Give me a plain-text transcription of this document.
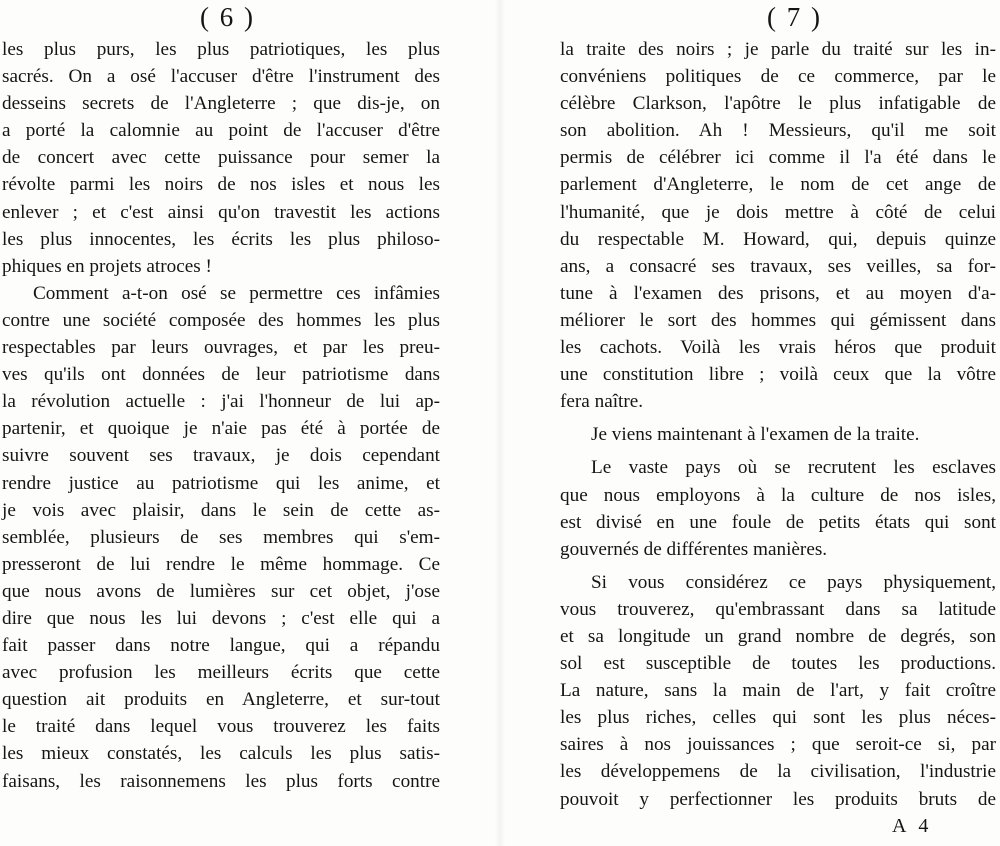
( 6 )
les plus purs, les plus patriotiques, les plus
sacrés. On a osé l'accuser d'être l'instrument des
desseins secrets de l'Angleterre ; que dis-je, on
a porté la calomnie au point de l'accuser d'être
de concert avec cette puissance pour semer la
révolte parmi les noirs de nos isles et nous les
enlever ; et c'est ainsi qu'on travestit les actions
les plus innocentes, les écrits les plus philoso-
phiques en projets atroces !
Comment a-t-on osé se permettre ces infâmies
contre une société composée des hommes les plus
respectables par leurs ouvrages, et par les preu-
ves qu'ils ont données de leur patriotisme dans
la révolution actuelle : j'ai l'honneur de lui ap-
partenir, et quoique je n'aie pas été à portée de
suivre souvent ses travaux, je dois cependant
rendre justice au patriotisme qui les anime, et
je vois avec plaisir, dans le sein de cette as-
semblée, plusieurs de ses membres qui s'em-
presseront de lui rendre le même hommage. Ce
que nous avons de lumières sur cet objet, j'ose
dire que nous les lui devons ; c'est elle qui a
fait passer dans notre langue, qui a répandu
avec profusion les meilleurs écrits que cette
question ait produits en Angleterre, et sur-tout
le traité dans lequel vous trouverez les faits
les mieux constatés, les calculs les plus satis-
faisans, les raisonnemens les plus forts contre
( 7 )
la traite des noirs ; je parle du traité sur les in-
convéniens politiques de ce commerce, par le
célèbre Clarkson, l'apôtre le plus infatigable de
son abolition. Ah ! Messieurs, qu'il me soit
permis de célébrer ici comme il l'a été dans le
parlement d'Angleterre, le nom de cet ange de
l'humanité, que je dois mettre à côté de celui
du respectable M. Howard, qui, depuis quinze
ans, a consacré ses travaux, ses veilles, sa for-
tune à l'examen des prisons, et au moyen d'a-
méliorer le sort des hommes qui gémissent dans
les cachots. Voilà les vrais héros que produit
une constitution libre ; voilà ceux que la vôtre
fera naître.
Je viens maintenant à l'examen de la traite.
Le vaste pays où se recrutent les esclaves
que nous employons à la culture de nos isles,
est divisé en une foule de petits états qui sont
gouvernés de différentes manières.
Si vous considérez ce pays physiquement,
vous trouverez, qu'embrassant dans sa latitude
et sa longitude un grand nombre de degrés, son
sol est susceptible de toutes les productions.
La nature, sans la main de l'art, y fait croître
les plus riches, celles qui sont les plus néces-
saires à nos jouissances ; que seroit-ce si, par
les développemens de la civilisation, l'industrie
pouvoit y perfectionner les produits bruts de
A 4
